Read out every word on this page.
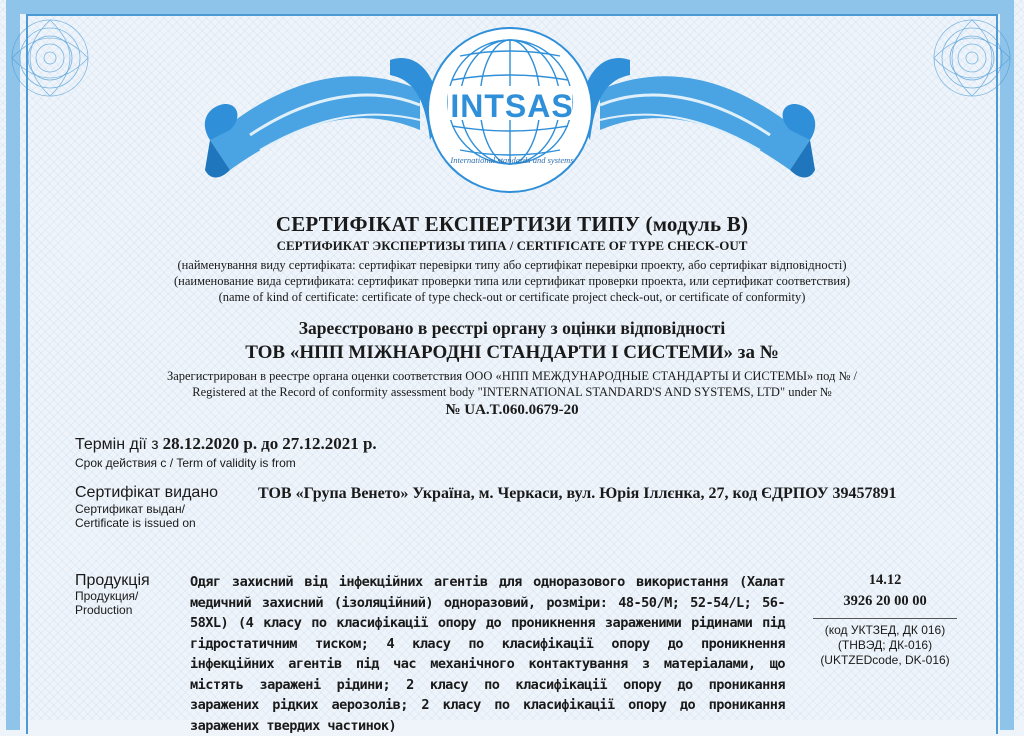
INTSAS
International standards and systems
СЕРТИФІКАТ ЕКСПЕРТИЗИ ТИПУ (модуль В)
СЕРТИФИКАТ ЭКСПЕРТИЗЫ ТИПА / CERTIFICATE OF TYPE CHECK-OUT
(найменування виду сертифіката: сертифікат перевірки типу або сертифікат перевірки проекту, або сертифікат відповідності)
(наименование вида сертификата: сертификат проверки типа или сертификат проверки проекта, или сертификат соответствия)
(name of kind of certificate: certificate of type check-out or certificate project check-out, or certificate of conformity)
Зареєстровано в реєстрі органу з оцінки відповідності
ТОВ «НПП МІЖНАРОДНІ СТАНДАРТИ І СИСТЕМИ» за №
Зарегистрирован в реестре органа оценки соответствия ООО «НПП МЕЖДУНАРОДНЫЕ СТАНДАРТЫ И СИСТЕМЫ» под № /
Registered at the Record of conformity assessment body "INTERNATIONAL STANDARD'S AND SYSTEMS, LTD" under №
№ UA.T.060.0679-20
Термін дії з 28.12.2020 р. до 27.12.2021 р.
Срок действия с / Term of validity is from
Сертифікат видано
Сертификат выдан/
Certificate is issued on
ТОВ «Група Венето» Україна, м. Черкаси, вул. Юрія Іллєнка, 27, код ЄДРПОУ 39457891
Продукція
Продукция/
Production
Одяг захисний від інфекційних агентів для одноразового використання (Халат медичний захисний (ізоляційний) одноразовий, розміри: 48-50/M; 52-54/L; 56-58XL) (4 класу по класифікації опору до проникнення зараженими рідинами під гідростатичним тиском; 4 класу по класифікації опору до проникнення інфекційних агентів під час механічного контактування з матеріалами, що містять заражені рідини; 2 класу по класифікації опору до проникання заражених рідких аерозолів; 2 класу по класифікації опору до проникання заражених твердих частинок)
14.12
3926 20 00 00
(код УКТЗЕД, ДК 016)
(ТНВЭД; ДК-016)
(UKTZEDcode, DK-016)
